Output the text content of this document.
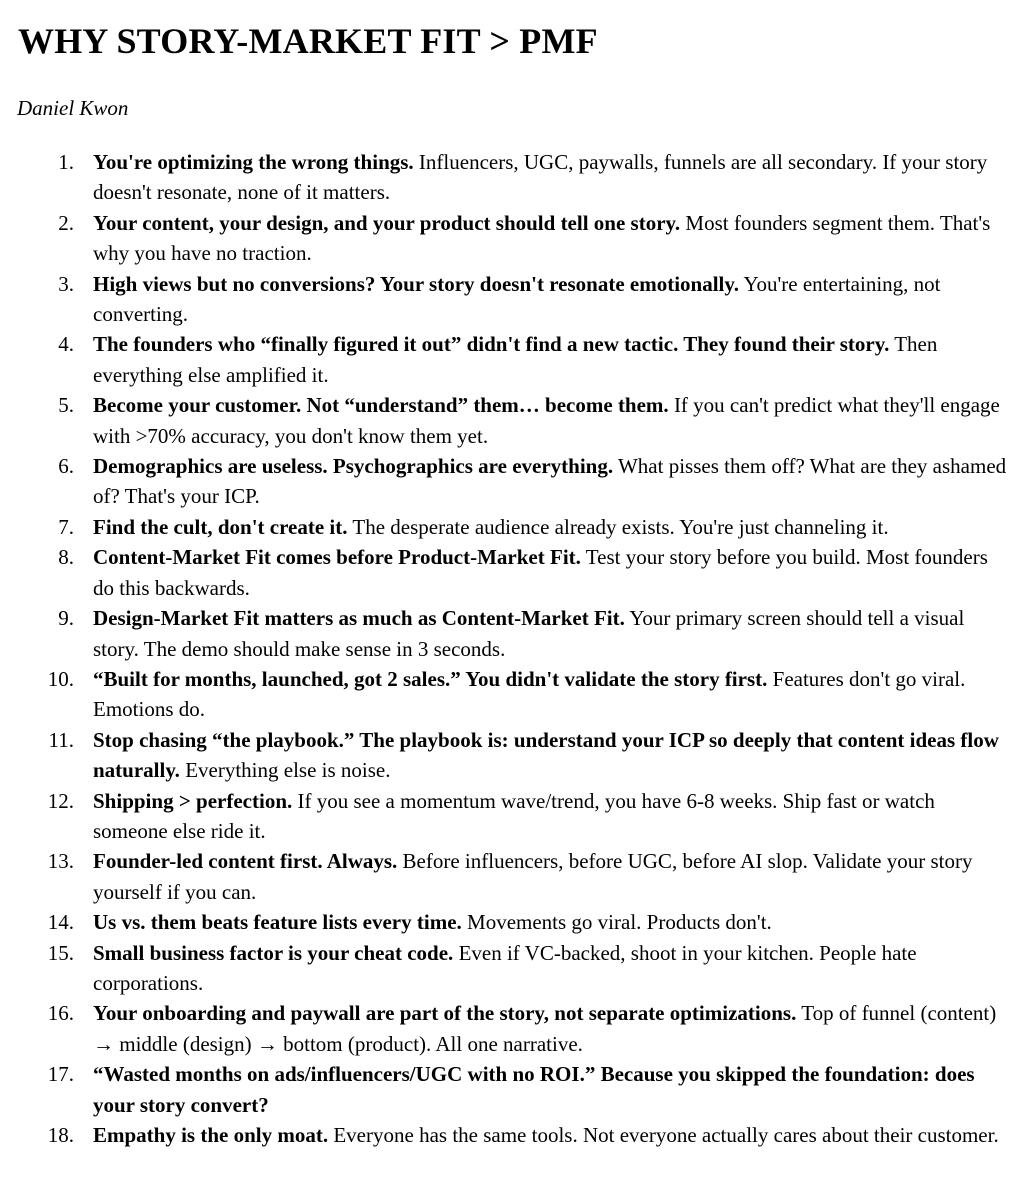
WHY STORY-MARKET FIT > PMF

Daniel Kwon

1. You're optimizing the wrong things. Influencers, UGC, paywalls, funnels are all secondary. If your story doesn't resonate, none of it matters.
2. Your content, your design, and your product should tell one story. Most founders segment them. That's why you have no traction.
3. High views but no conversions? Your story doesn't resonate emotionally. You're entertaining, not converting.
4. The founders who “finally figured it out” didn't find a new tactic. They found their story. Then everything else amplified it.
5. Become your customer. Not “understand” them… become them. If you can't predict what they'll engage with >70% accuracy, you don't know them yet.
6. Demographics are useless. Psychographics are everything. What pisses them off? What are they ashamed of? That's your ICP.
7. Find the cult, don't create it. The desperate audience already exists. You're just channeling it.
8. Content-Market Fit comes before Product-Market Fit. Test your story before you build. Most founders do this backwards.
9. Design-Market Fit matters as much as Content-Market Fit. Your primary screen should tell a visual story. The demo should make sense in 3 seconds.
10. “Built for months, launched, got 2 sales.” You didn't validate the story first. Features don't go viral. Emotions do.
11. Stop chasing “the playbook.” The playbook is: understand your ICP so deeply that content ideas flow naturally. Everything else is noise.
12. Shipping > perfection. If you see a momentum wave/trend, you have 6-8 weeks. Ship fast or watch someone else ride it.
13. Founder-led content first. Always. Before influencers, before UGC, before AI slop. Validate your story yourself if you can.
14. Us vs. them beats feature lists every time. Movements go viral. Products don't.
15. Small business factor is your cheat code. Even if VC-backed, shoot in your kitchen. People hate corporations.
16. Your onboarding and paywall are part of the story, not separate optimizations. Top of funnel (content) → middle (design) → bottom (product). All one narrative.
17. “Wasted months on ads/influencers/UGC with no ROI.” Because you skipped the foundation: does your story convert?
18. Empathy is the only moat. Everyone has the same tools. Not everyone actually cares about their customer.
